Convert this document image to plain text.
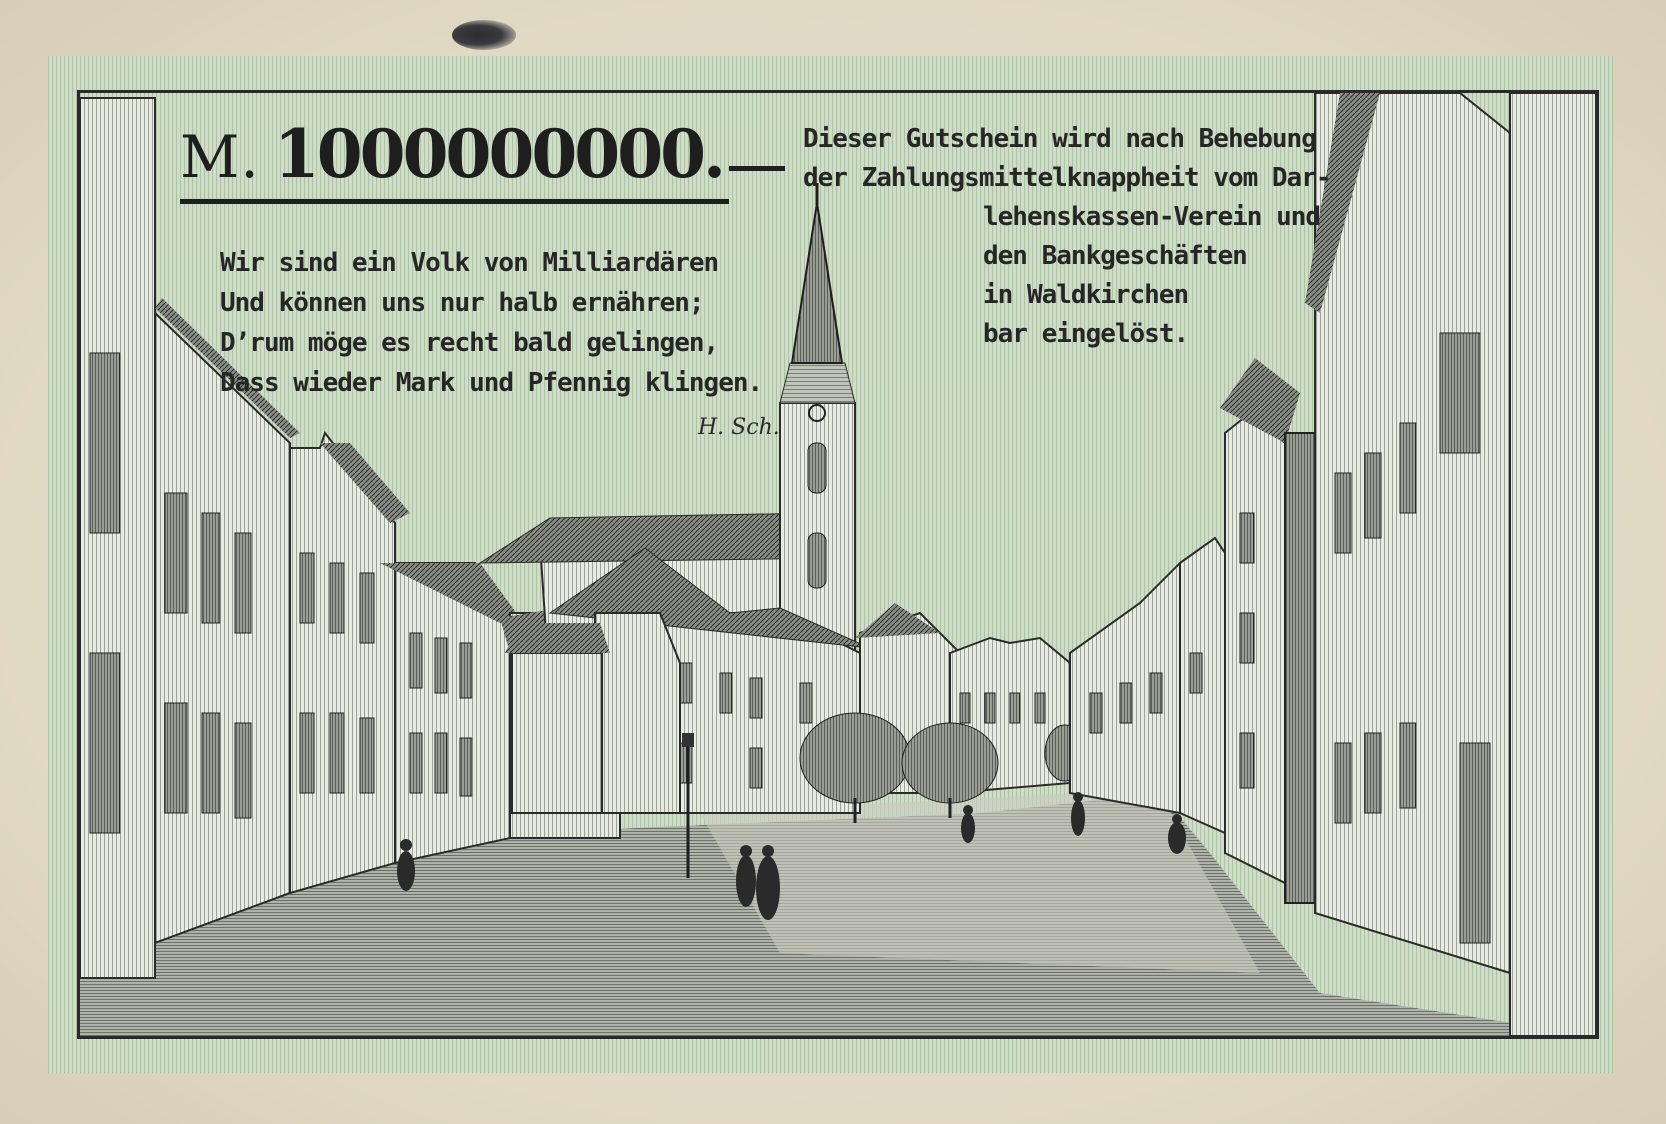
M. 1000000000.
Wir sind ein Volk von Milliardären
Und können uns nur halb ernähren;
D’rum möge es recht bald gelingen,
Dass wieder Mark und Pfennig klingen.
H. Sch.
Dieser Gutschein wird nach Behebung
der Zahlungsmittelknappheit vom Dar-
lehenskassen-Verein und
den Bankgeschäften
in Waldkirchen
bar eingelöst.
